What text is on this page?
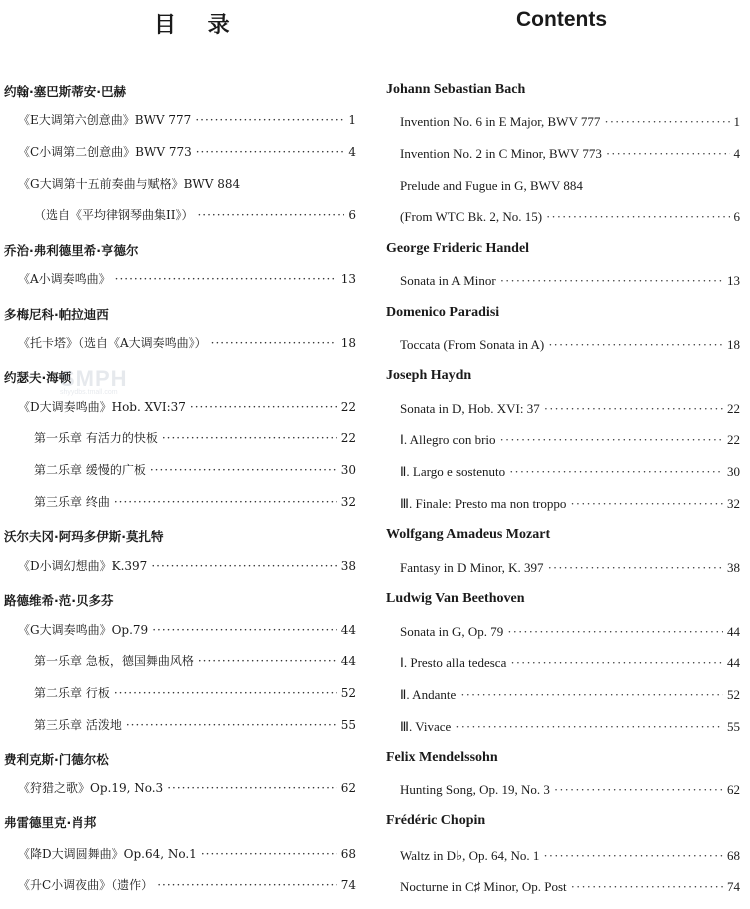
目 录
约翰·塞巴斯蒂安·巴赫
《E大调第六创意曲》BWV 777 ·····	1
《C小调第二创意曲》BWV 773 ·····	4
《G大调第十五前奏曲与赋格》BWV 884
（选自《平均律钢琴曲集II》） ·····	6
乔治·弗利德里希·亨德尔
《A小调奏鸣曲》 ·····	13
多梅尼科·帕拉迪西
《托卡塔》（选自《A大调奏鸣曲》） ·····	18
约瑟夫·海顿
《D大调奏鸣曲》Hob. XVI:37 ·····	22
第一乐章 有活力的快板 ·····	22
第二乐章 缓慢的广板 ·····	30
第三乐章 终曲 ·····	32
沃尔夫冈·阿玛多伊斯·莫扎特
《D小调幻想曲》K.397 ·····	38
路德维希·范·贝多芬
《G大调奏鸣曲》Op.79 ·····	44
第一乐章 急板，德国舞曲风格 ·····	44
第二乐章 行板 ·····	52
第三乐章 活泼地 ·····	55
费利克斯·门德尔松
《狩猎之歌》Op.19, No.3 ·····	62
弗雷德里克·肖邦
《降D大调圆舞曲》Op.64, No.1 ·····	68
《升C小调夜曲》（遗作） ·····	74
Contents
Johann Sebastian Bach
Invention No. 6 in E Major, BWV 777 ·····	1
Invention No. 2 in C Minor, BWV 773 ·····	4
Prelude and Fugue in G, BWV 884
(From WTC Bk. 2, No. 15) ·····	6
George Frideric Handel
Sonata in A Minor ·····	13
Domenico Paradisi
Toccata (From Sonata in A) ·····	18
Joseph Haydn
Sonata in D, Hob. XVI: 37 ·····	22
Ⅰ. Allegro con brio ·····	22
Ⅱ. Largo e sostenuto ·····	30
Ⅲ. Finale: Presto ma non troppo ·····	32
Wolfgang Amadeus Mozart
Fantasy in D Minor, K. 397 ·····	38
Ludwig Van Beethoven
Sonata in G, Op. 79 ·····	44
Ⅰ. Presto alla tedesca ·····	44
Ⅱ. Andante ·····	52
Ⅲ. Vivace ·····	55
Felix Mendelssohn
Hunting Song, Op. 19, No. 3 ·····	62
Frédéric Chopin
Waltz in D♭, Op. 64, No. 1 ·····	68
Nocturne in C♯ Minor, Op. Post ·····	74
SMPH
shyydbs.tmall.com
